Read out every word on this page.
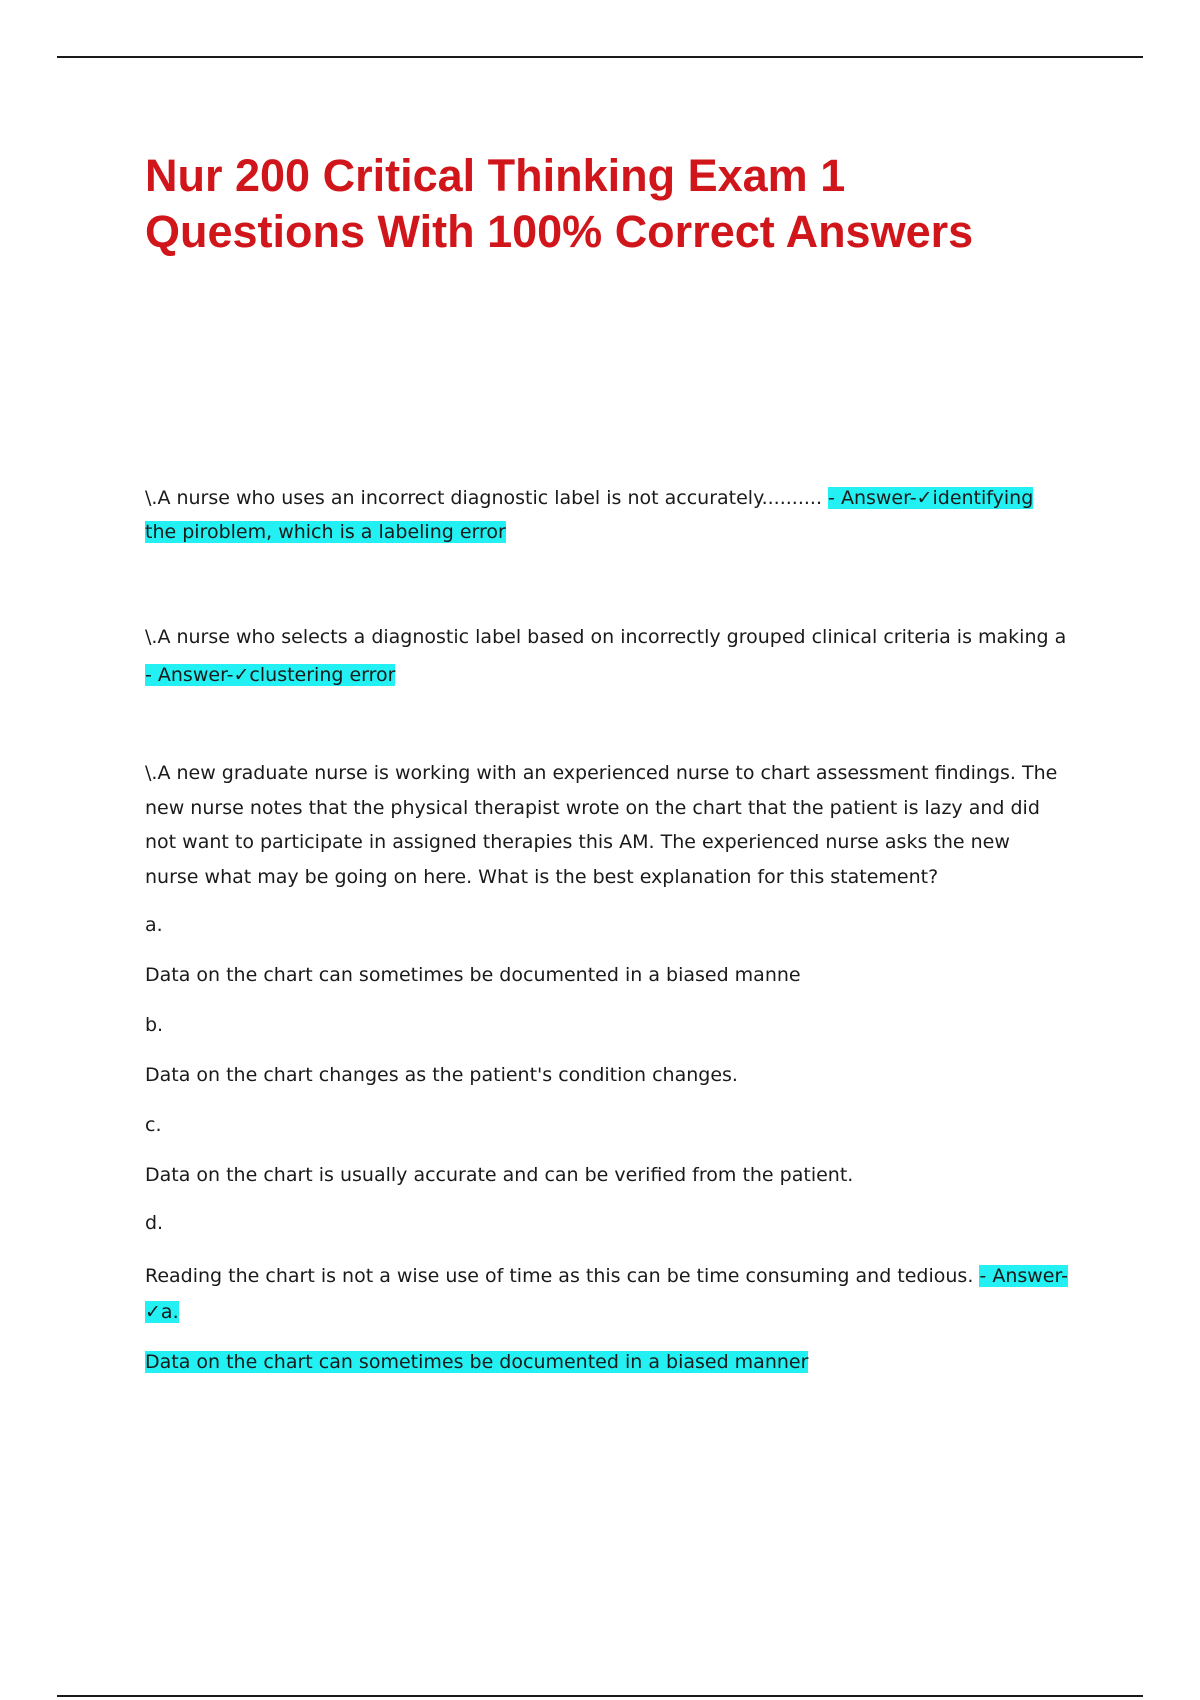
Nur 200 Critical Thinking Exam 1
Questions With 100% Correct Answers
\.A nurse who uses an incorrect diagnostic label is not accurately.......... - Answer-✓identifying
the piroblem, which is a labeling error
\.A nurse who selects a diagnostic label based on incorrectly grouped clinical criteria is making a
- Answer-✓clustering error
\.A new graduate nurse is working with an experienced nurse to chart assessment findings. The
new nurse notes that the physical therapist wrote on the chart that the patient is lazy and did
not want to participate in assigned therapies this AM. The experienced nurse asks the new
nurse what may be going on here. What is the best explanation for this statement?
a.
Data on the chart can sometimes be documented in a biased manne
b.
Data on the chart changes as the patient's condition changes.
c.
Data on the chart is usually accurate and can be verified from the patient.
d.
Reading the chart is not a wise use of time as this can be time consuming and tedious. - Answer-
✓a.
Data on the chart can sometimes be documented in a biased manner
